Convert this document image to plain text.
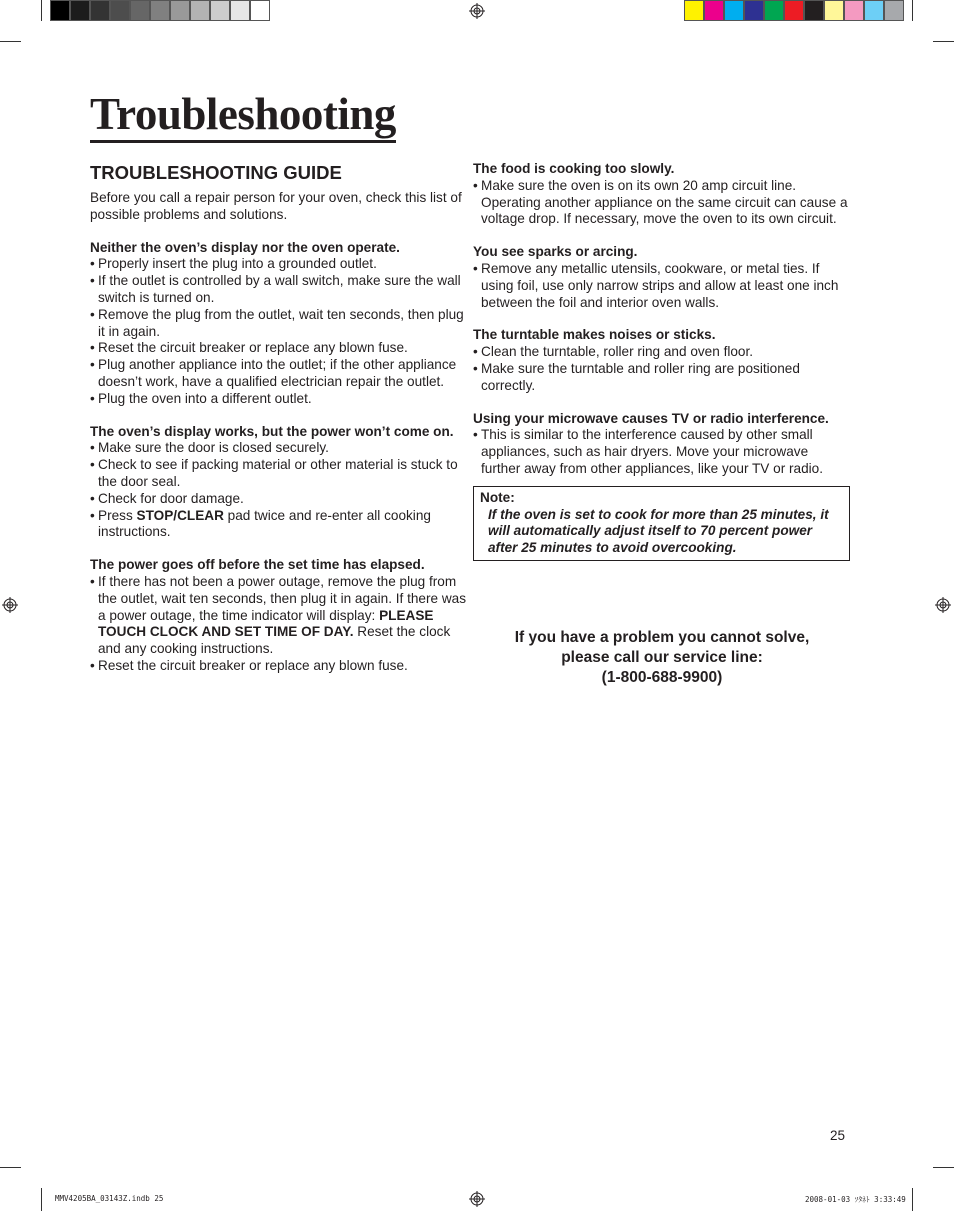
Troubleshooting
TROUBLESHOOTING GUIDE

Before you call a repair person for your oven, check this list of possible problems and solutions.

Neither the oven’s display nor the oven operate.
• Properly insert the plug into a grounded outlet.
• If the outlet is controlled by a wall switch, make sure the wall switch is turned on.
• Remove the plug from the outlet, wait ten seconds, then plug it in again.
• Reset the circuit breaker or replace any blown fuse.
• Plug another appliance into the outlet; if the other appliance doesn’t work, have a qualified electrician repair the outlet.
• Plug the oven into a different outlet.
The oven’s display works, but the power won’t come on.
• Make sure the door is closed securely.
• Check to see if packing material or other material is stuck to the door seal.
• Check for door damage.
• Press STOP/CLEAR pad twice and re-enter all cooking instructions.
The power goes off before the set time has elapsed.
• If there has not been a power outage, remove the plug from the outlet, wait ten seconds, then plug it in again. If there was a power outage, the time indicator will display: PLEASE TOUCH CLOCK AND SET TIME OF DAY. Reset the clock and any cooking instructions.
• Reset the circuit breaker or replace any blown fuse.
The food is cooking too slowly.
• Make sure the oven is on its own 20 amp circuit line. Operating another appliance on the same circuit can cause a voltage drop. If necessary, move the oven to its own circuit.
You see sparks or arcing.
• Remove any metallic utensils, cookware, or metal ties. If using foil, use only narrow strips and allow at least one inch between the foil and interior oven walls.
The turntable makes noises or sticks.
• Clean the turntable, roller ring and oven floor.
• Make sure the turntable and roller ring are positioned correctly.
Using your microwave causes TV or radio interference.
• This is similar to the interference caused by other small appliances, such as hair dryers. Move your microwave further away from other appliances, like your TV or radio.
Note:
If the oven is set to cook for more than 25 minutes, it will automatically adjust itself to 70 percent power after 25 minutes to avoid overcooking.
If you have a problem you cannot solve,
please call our service line:
(1-800-688-9900)
25
MMV4205BA_03143Z.indb 25	2008-01-03 ｿﾀﾈﾄ 3:33:49
